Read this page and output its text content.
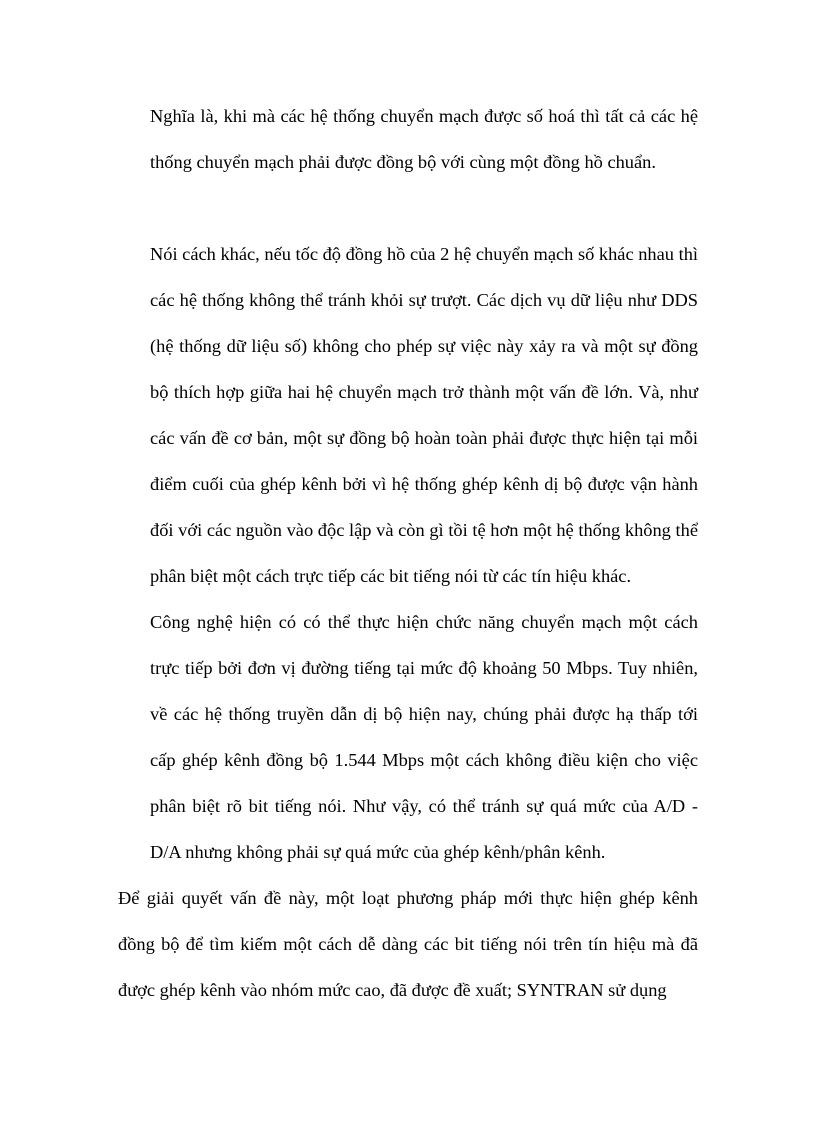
Nghĩa là, khi mà các hệ thống chuyển mạch được số hoá thì tất cả các hệ thống chuyển mạch phải được đồng bộ với cùng một đồng hồ chuẩn.

Nói cách khác, nếu tốc độ đồng hồ của 2 hệ chuyển mạch số khác nhau thì các hệ thống không thể tránh khỏi sự trượt. Các dịch vụ dữ liệu như DDS (hệ thống dữ liệu số) không cho phép sự việc này xảy ra và một sự đồng bộ thích hợp giữa hai hệ chuyển mạch trở thành một vấn đề lớn. Và, như các vấn đề cơ bản, một sự đồng bộ hoàn toàn phải được thực hiện tại mỗi điểm cuối của ghép kênh bởi vì hệ thống ghép kênh dị bộ được vận hành đối với các nguồn vào độc lập và còn gì tồi tệ hơn một hệ thống không thể phân biệt một cách trực tiếp các bit tiếng nói từ các tín hiệu khác.

Công nghệ hiện có có thể thực hiện chức năng chuyển mạch một cách trực tiếp bởi đơn vị đường tiếng tại mức độ khoảng 50 Mbps. Tuy nhiên, về các hệ thống truyền dẫn dị bộ hiện nay, chúng phải được hạ thấp tới cấp ghép kênh đồng bộ 1.544 Mbps một cách không điều kiện cho việc phân biệt rõ bit tiếng nói. Như vậy, có thể tránh sự quá mức của A/D - D/A nhưng không phải sự quá mức của ghép kênh/phân kênh.

Để giải quyết vấn đề này, một loạt phương pháp mới thực hiện ghép kênh đồng bộ để tìm kiếm một cách dễ dàng các bit tiếng nói trên tín hiệu mà đã được ghép kênh vào nhóm mức cao, đã được đề xuất; SYNTRAN sử dụng
